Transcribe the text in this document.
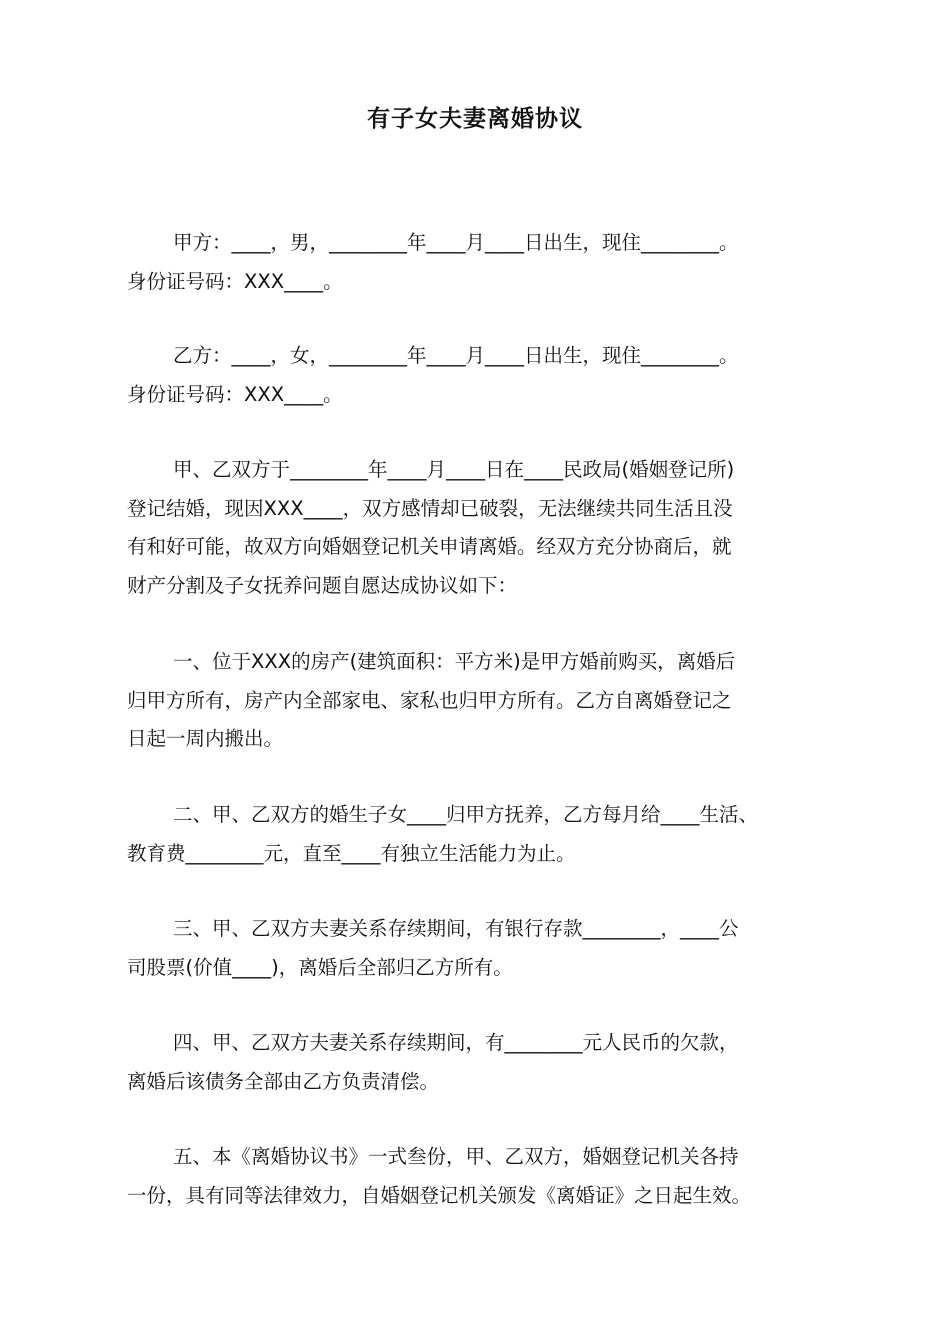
有子女夫妻离婚协议
甲方：____，男，________年____月____日出生，现住________。
身份证号码：XXX____。
乙方：____，女，________年____月____日出生，现住________。
身份证号码：XXX____。
甲、乙双方于________年____月____日在____民政局(婚姻登记所)
登记结婚，现因XXX____，双方感情却已破裂，无法继续共同生活且没
有和好可能，故双方向婚姻登记机关申请离婚。经双方充分协商后，就
财产分割及子女抚养问题自愿达成协议如下：
一、位于XXX的房产(建筑面积：平方米)是甲方婚前购买，离婚后
归甲方所有，房产内全部家电、家私也归甲方所有。乙方自离婚登记之
日起一周内搬出。
二、甲、乙双方的婚生子女____归甲方抚养，乙方每月给____生活、
教育费________元，直至____有独立生活能力为止。
三、甲、乙双方夫妻关系存续期间，有银行存款________，____公
司股票(价值____)，离婚后全部归乙方所有。
四、甲、乙双方夫妻关系存续期间，有________元人民币的欠款，
离婚后该债务全部由乙方负责清偿。
五、本《离婚协议书》一式叁份，甲、乙双方，婚姻登记机关各持
一份，具有同等法律效力，自婚姻登记机关颁发《离婚证》之日起生效。
